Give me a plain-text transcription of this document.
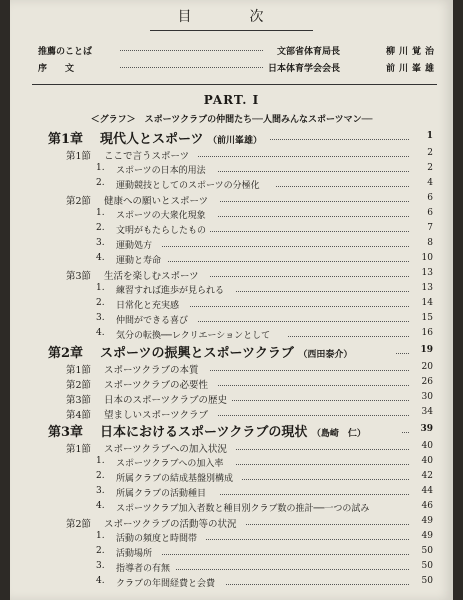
目　次
推薦のことば	文部省体育局長	柳川覚治
序　　文	日本体育学会会長	前川峯雄
PART. Ⅰ
＜グラフ＞　スポーツクラブの仲間たち──人間みんなスポーツマン──
第1章 現代人とスポーツ （前川峯雄）	1
第1節 ここで言うスポーツ	2
1. スポーツの日本的用法	2
2. 運動競技としてのスポーツの分極化	4
第2節 健康への願いとスポーツ	6
1. スポーツの大衆化現象	6
2. 文明がもたらしたもの	7
3. 運動処方	8
4. 運動と寿命	10
第3節 生活を楽しむスポーツ	13
1. 練習すれば進歩が見られる	13
2. 日常化と充実感	14
3. 仲間ができる喜び	15
4. 気分の転換──レクリエーションとして	16
第2章 スポーツの振興とスポーツクラブ （西田泰介）	19
第1節 スポーツクラブの本質	20
第2節 スポーツクラブの必要性	26
第3節 日本のスポーツクラブの歴史	30
第4節 望ましいスポーツクラブ	34
第3章 日本におけるスポーツクラブの現状 （島崎　仁）	39
第1節 スポーツクラブへの加入状況	40
1. スポーツクラブへの加入率	40
2. 所属クラブの結成基盤別構成	42
3. 所属クラブの活動種目	44
4. スポーツクラブ加入者数と種目別クラブ数の推計──一つの試み	46
第2節 スポーツクラブの活動等の状況	49
1. 活動の頻度と時間帯	49
2. 活動場所	50
3. 指導者の有無	50
4. クラブの年間経費と会費	50
